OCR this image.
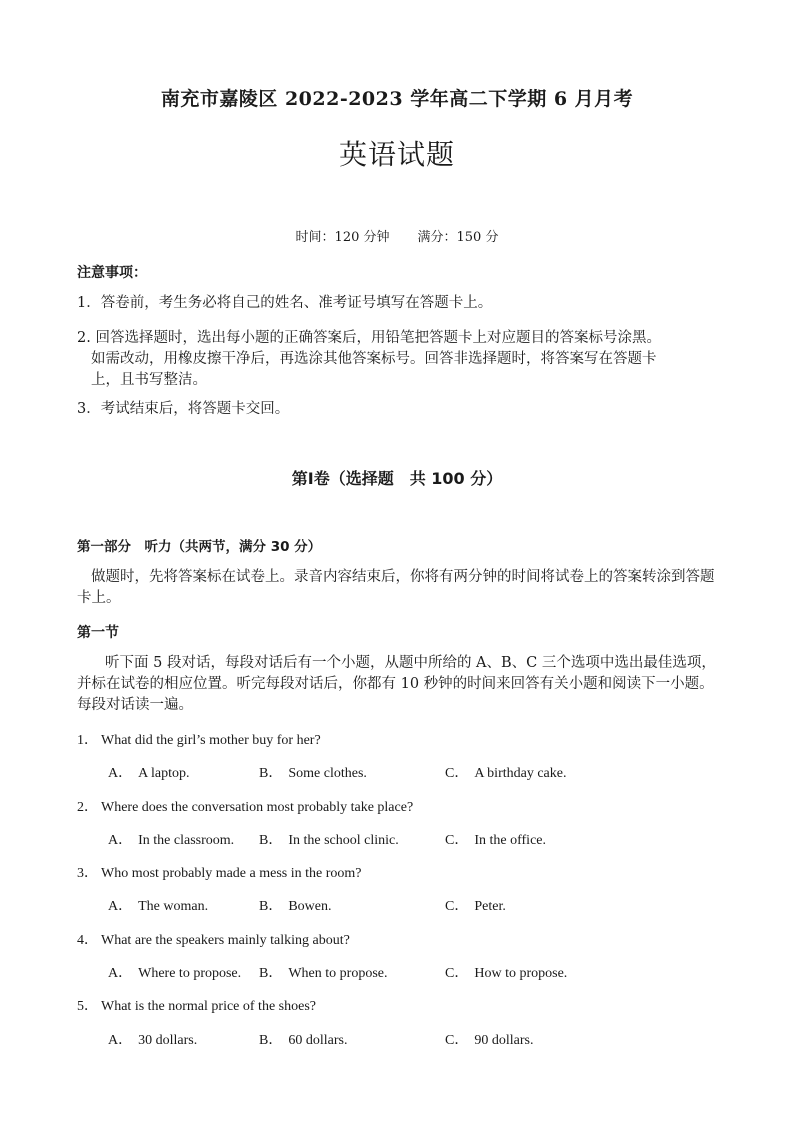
南充市嘉陵区 2022-2023 学年高二下学期 6 月月考
英语试题
时间：120 分钟 满分：150 分
注意事项：
1．答卷前，考生务必将自己的姓名、准考证号填写在答题卡上。
2. 回答选择题时，选出每小题的正确答案后，用铅笔把答题卡上对应题目的答案标号涂黑。
如需改动，用橡皮擦干净后，再选涂其他答案标号。回答非选择题时，将答案写在答题卡
上，且书写整洁。
3．考试结束后，将答题卡交回。
第Ⅰ卷（选择题　共 100 分）
第一部分　听力（共两节，满分 30 分）
做题时，先将答案标在试卷上。录音内容结束后，你将有两分钟的时间将试卷上的答案转涂到答题卡上。
第一节
听下面 5 段对话，每段对话后有一个小题，从题中所给的 A、B、C 三个选项中选出最佳选项，并标在试卷的相应位置。听完每段对话后，你都有 10 秒钟的时间来回答有关小题和阅读下一小题。每段对话读一遍。
1． What did the girl’s mother buy for her?
A． A laptop.	B． Some clothes.	C． A birthday cake.
2． Where does the conversation most probably take place?
A． In the classroom. B． In the school clinic.	C． In the office.
3． Who most probably made a mess in the room?
A． The woman.	B． Bowen.	C． Peter.
4． What are the speakers mainly talking about?
A． Where to propose. B． When to propose.	C． How to propose.
5． What is the normal price of the shoes?
A． 30 dollars.	B． 60 dollars.	C． 90 dollars.
